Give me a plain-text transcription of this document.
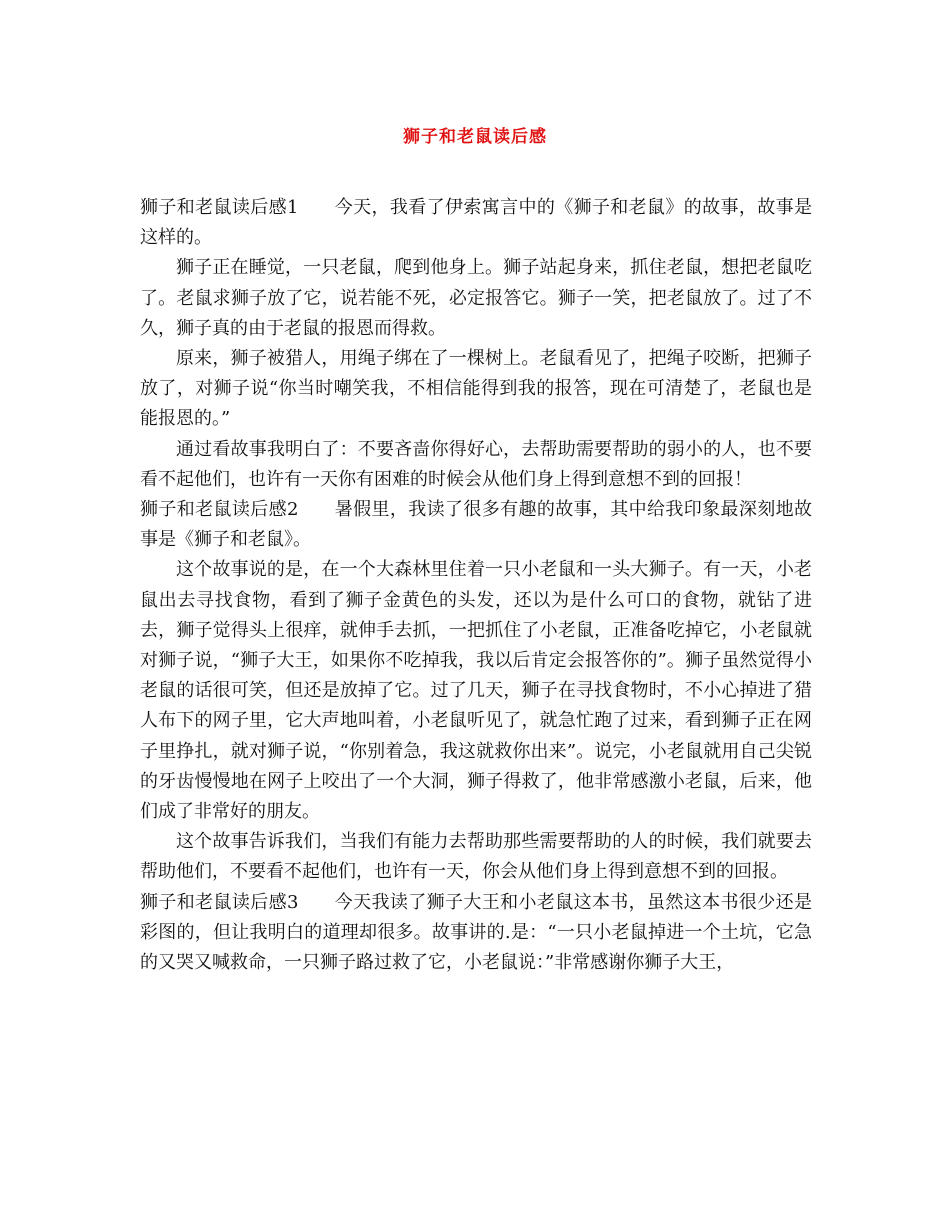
狮子和老鼠读后感

狮子和老鼠读后感1 今天，我看了伊索寓言中的《狮子和老鼠》的故事，故事是这样的。

狮子正在睡觉，一只老鼠，爬到他身上。狮子站起身来，抓住老鼠，想把老鼠吃了。老鼠求狮子放了它，说若能不死，必定报答它。狮子一笑，把老鼠放了。过了不久，狮子真的由于老鼠的报恩而得救。

原来，狮子被猎人，用绳子绑在了一棵树上。老鼠看见了，把绳子咬断，把狮子放了，对狮子说“你当时嘲笑我，不相信能得到我的报答，现在可清楚了，老鼠也是能报恩的。”

通过看故事我明白了：不要吝啬你得好心，去帮助需要帮助的弱小的人，也不要看不起他们，也许有一天你有困难的时候会从他们身上得到意想不到的回报！

狮子和老鼠读后感2 暑假里，我读了很多有趣的故事，其中给我印象最深刻地故事是《狮子和老鼠》。

这个故事说的是，在一个大森林里住着一只小老鼠和一头大狮子。有一天，小老鼠出去寻找食物，看到了狮子金黄色的头发，还以为是什么可口的食物，就钻了进去，狮子觉得头上很痒，就伸手去抓，一把抓住了小老鼠，正准备吃掉它，小老鼠就对狮子说，“狮子大王，如果你不吃掉我，我以后肯定会报答你的”。狮子虽然觉得小老鼠的话很可笑，但还是放掉了它。过了几天，狮子在寻找食物时，不小心掉进了猎人布下的网子里，它大声地叫着，小老鼠听见了，就急忙跑了过来，看到狮子正在网子里挣扎，就对狮子说，“你别着急，我这就救你出来”。说完，小老鼠就用自己尖锐的牙齿慢慢地在网子上咬出了一个大洞，狮子得救了，他非常感激小老鼠，后来，他们成了非常好的朋友。

这个故事告诉我们，当我们有能力去帮助那些需要帮助的人的时候，我们就要去帮助他们，不要看不起他们，也许有一天，你会从他们身上得到意想不到的回报。

狮子和老鼠读后感3 今天我读了狮子大王和小老鼠这本书，虽然这本书很少还是彩图的，但让我明白的道理却很多。故事讲的.是：“一只小老鼠掉进一个土坑，它急的又哭又喊救命，一只狮子路过救了它，小老鼠说：”非常感谢你狮子大王，
